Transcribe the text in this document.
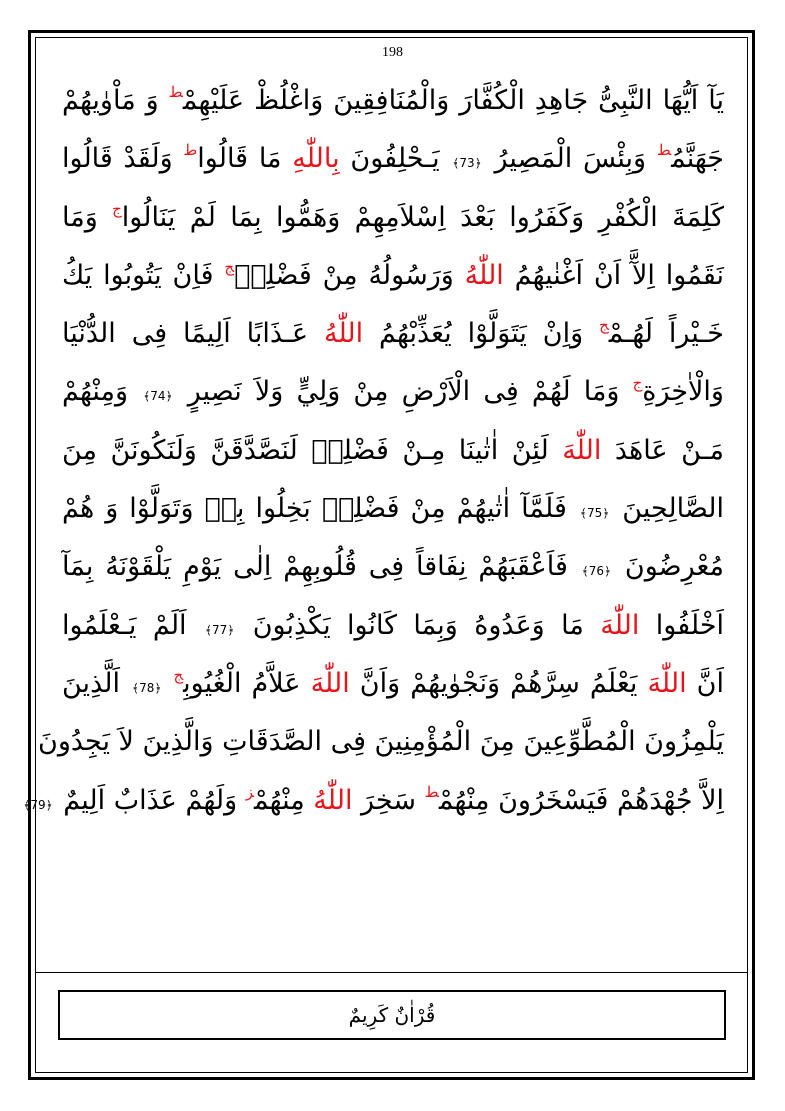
198
يَآ اَيُّهَا النَّبِىُّ جَاهِدِ الْكُفَّارَ وَالْمُنَافِقِينَ وَاغْلُظْ عَلَيْهِمْ$^ط$ وَ مَاْوٰيهُمْ
جَهَنَّمُ$^ط$ وَبِئْسَ الْمَصِيرُ ﴿73﴾ يَـحْلِفُونَ بِاللّٰهِ مَا قَالُوا$^ط$ وَلَقَدْ قَالُوا
كَلِمَةَ الْكُفْرِ وَكَفَرُوا بَعْدَ اِسْلاَمِهِمْ وَهَمُّوا بِمَا لَمْ يَنَالُوا$^ج$ وَمَا
نَقَمُوا اِلآَّ اَنْ اَغْنٰيهُمُ اللّٰهُ وَرَسُولُهُ مِنْ فَضْلِهٖ$^ج$ فَاِنْ يَتُوبُوا يَكُ
خَـيْراً لَهُـمْ$^ج$ وَاِنْ يَتَوَلَّوْا يُعَذِّبْهُمُ اللّٰهُ عَـذَابًا اَلِيمًا فِى الدُّنْيَا
وَالْاٰخِرَةِ$^ج$ وَمَا لَهُمْ فِى الْاَرْضِ مِنْ وَلِيٍّ وَلاَ نَصِيرٍ ﴿74﴾ وَمِنْهُمْ
مَـنْ عَاهَدَ اللّٰهَ لَئِنْ اٰتٰينَا مِـنْ فَضْلِهٖ لَنَصَّدَّقَنَّ وَلَنَكُونَنَّ مِنَ
الصَّالِحِينَ ﴿75﴾ فَلَمَّآ اٰتٰيهُمْ مِنْ فَضْلِهٖ بَخِلُوا بِهٖ وَتَوَلَّوْا وَ هُمْ
مُعْرِضُونَ ﴿76﴾ فَاَعْقَبَهُمْ نِفَاقاً فِى قُلُوبِهِمْ اِلٰى يَوْمِ يَلْقَوْنَهُ بِمَآ
اَخْلَفُوا اللّٰهَ مَا وَعَدُوهُ وَبِمَا كَانُوا يَكْذِبُونَ ﴿77﴾ اَلَمْ يَـعْلَمُوا
اَنَّ اللّٰهَ يَعْلَمُ سِرَّهُمْ وَنَجْوٰيهُمْ وَاَنَّ اللّٰهَ عَلاَّمُ الْغُيُوبِ$^ج$ ﴿78﴾ اَلَّذِينَ
يَلْمِزُونَ الْمُطَّوِّعِينَ مِنَ الْمُؤْمِنِينَ فِى الصَّدَقَاتِ وَالَّذِينَ لاَ يَجِدُونَ
اِلاَّ جُهْدَهُمْ فَيَسْخَرُونَ مِنْهُمْ$^ط$ سَخِرَ اللّٰهُ مِنْهُمْ$^ز$ وَلَهُمْ عَذَابٌ اَلِيمٌ ﴿79﴾
قُرْاٰنٌ كَرِيمٌ
